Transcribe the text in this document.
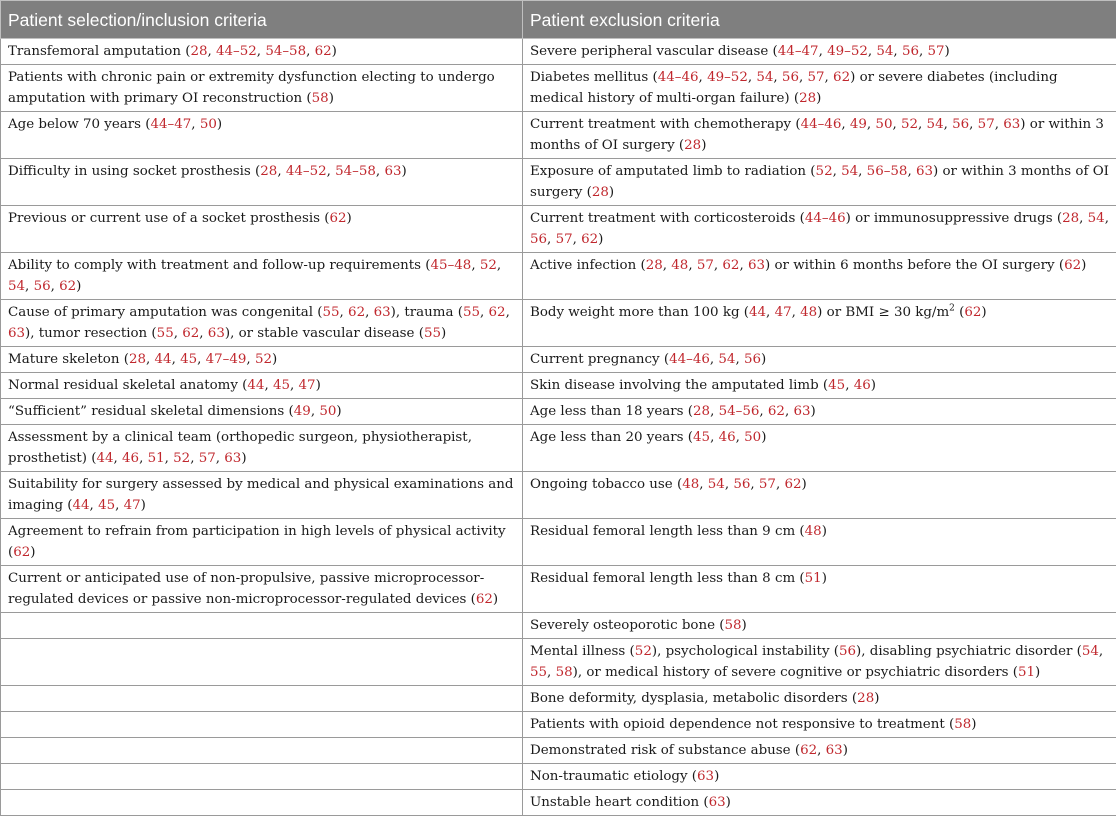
Patient selection/inclusion criteria	Patient exclusion criteria
Transfemoral amputation (28, 44–52, 54–58, 62)	Severe peripheral vascular disease (44–47, 49–52, 54, 56, 57)
Patients with chronic pain or extremity dysfunction electing to undergo amputation with primary OI reconstruction (58)	Diabetes mellitus (44–46, 49–52, 54, 56, 57, 62) or severe diabetes (including medical history of multi-organ failure) (28)
Age below 70 years (44–47, 50)	Current treatment with chemotherapy (44–46, 49, 50, 52, 54, 56, 57, 63) or within 3 months of OI surgery (28)
Difficulty in using socket prosthesis (28, 44–52, 54–58, 63)	Exposure of amputated limb to radiation (52, 54, 56–58, 63) or within 3 months of OI surgery (28)
Previous or current use of a socket prosthesis (62)	Current treatment with corticosteroids (44–46) or immunosuppressive drugs (28, 54, 56, 57, 62)
Ability to comply with treatment and follow-up requirements (45–48, 52, 54, 56, 62)	Active infection (28, 48, 57, 62, 63) or within 6 months before the OI surgery (62)
Cause of primary amputation was congenital (55, 62, 63), trauma (55, 62, 63), tumor resection (55, 62, 63), or stable vascular disease (55)	Body weight more than 100 kg (44, 47, 48) or BMI ≥ 30 $kg/m^2$ (62)
Mature skeleton (28, 44, 45, 47–49, 52)	Current pregnancy (44–46, 54, 56)
Normal residual skeletal anatomy (44, 45, 47)	Skin disease involving the amputated limb (45, 46)
“Sufficient” residual skeletal dimensions (49, 50)	Age less than 18 years (28, 54–56, 62, 63)
Assessment by a clinical team (orthopedic surgeon, physiotherapist, prosthetist) (44, 46, 51, 52, 57, 63)	Age less than 20 years (45, 46, 50)
Suitability for surgery assessed by medical and physical examinations and imaging (44, 45, 47)	Ongoing tobacco use (48, 54, 56, 57, 62)
Agreement to refrain from participation in high levels of physical activity (62)	Residual femoral length less than 9 cm (48)
Current or anticipated use of non-propulsive, passive microprocessor-regulated devices or passive non-microprocessor-regulated devices (62)	Residual femoral length less than 8 cm (51)
	Severely osteoporotic bone (58)
	Mental illness (52), psychological instability (56), disabling psychiatric disorder (54, 55, 58), or medical history of severe cognitive or psychiatric disorders (51)
	Bone deformity, dysplasia, metabolic disorders (28)
	Patients with opioid dependence not responsive to treatment (58)
	Demonstrated risk of substance abuse (62, 63)
	Non-traumatic etiology (63)
	Unstable heart condition (63)
